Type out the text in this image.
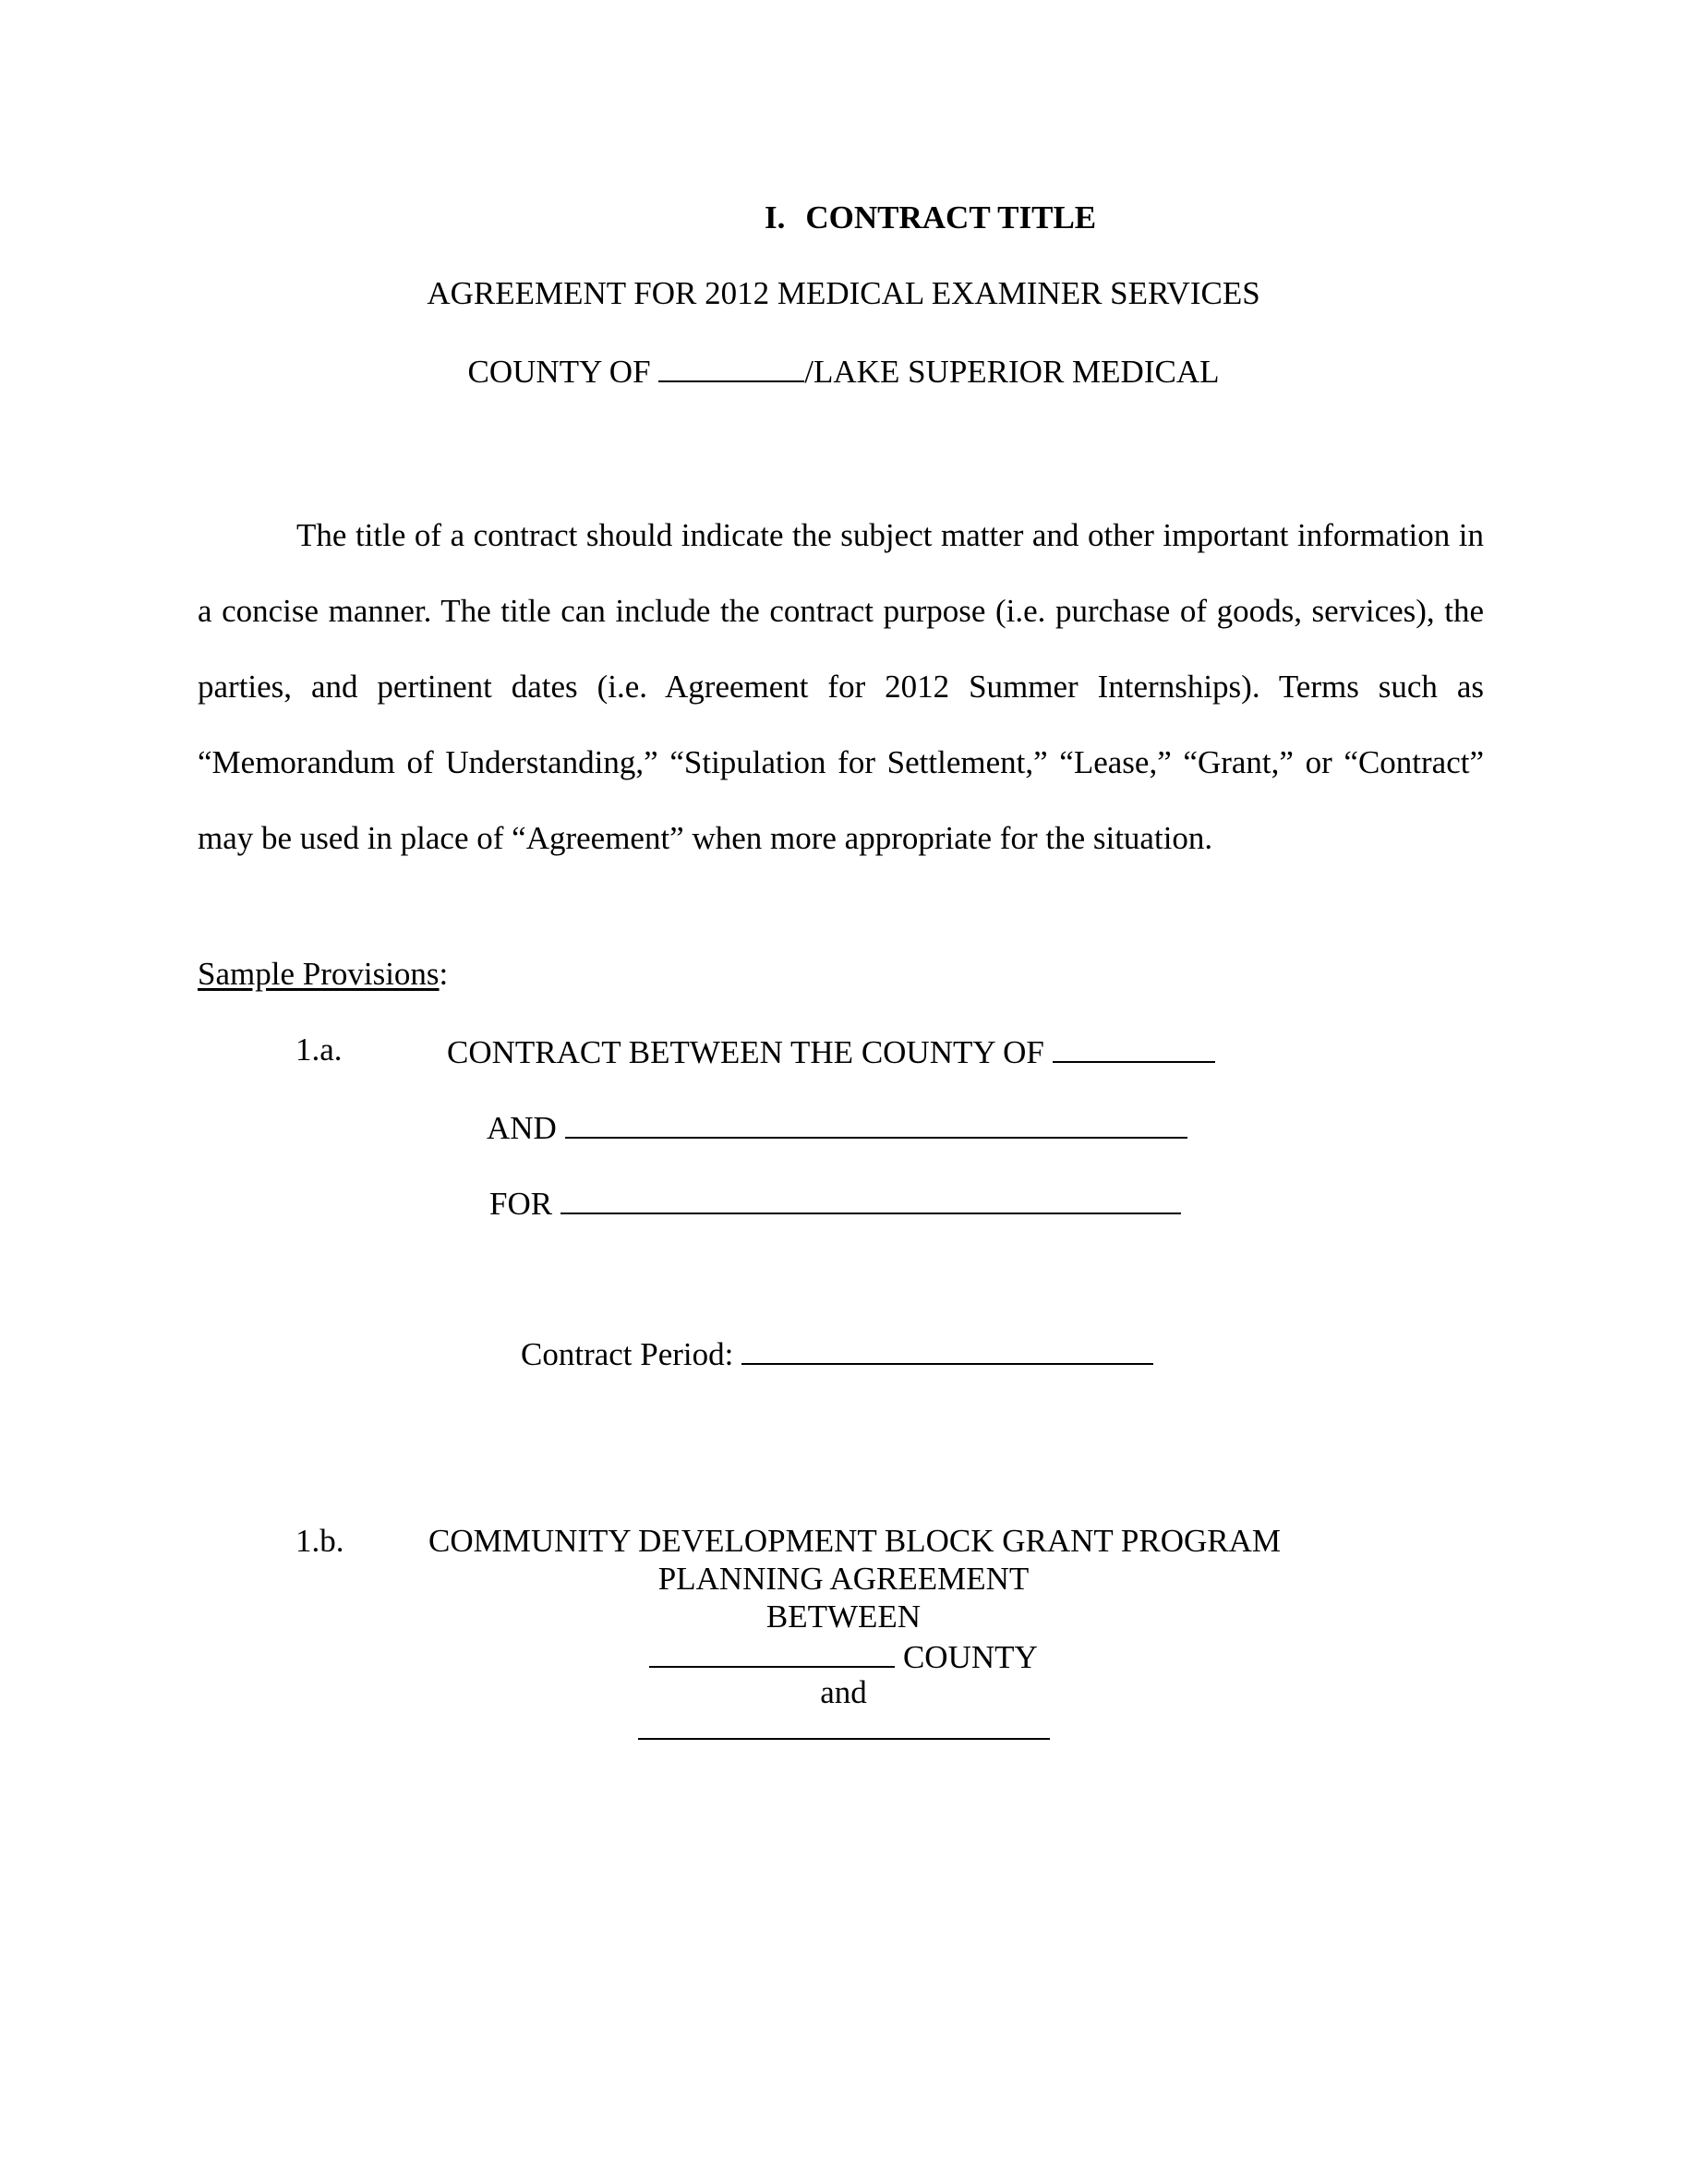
I. CONTRACT TITLE
AGREEMENT FOR 2012 MEDICAL EXAMINER SERVICES
COUNTY OF	/LAKE SUPERIOR MEDICAL

The title of a contract should indicate the subject matter and other important information in a concise manner. The title can include the contract purpose (i.e. purchase of goods, services), the parties, and pertinent dates (i.e. Agreement for 2012 Summer Internships). Terms such as “Memorandum of Understanding,” “Stipulation for Settlement,” “Lease,” “Grant,” or “Contract” may be used in place of “Agreement” when more appropriate for the situation.

Sample Provisions:
1.a.	CONTRACT BETWEEN THE COUNTY OF
AND
FOR
Contract Period:
1.b.	COMMUNITY DEVELOPMENT BLOCK GRANT PROGRAM
PLANNING AGREEMENT
BETWEEN
COUNTY
and
